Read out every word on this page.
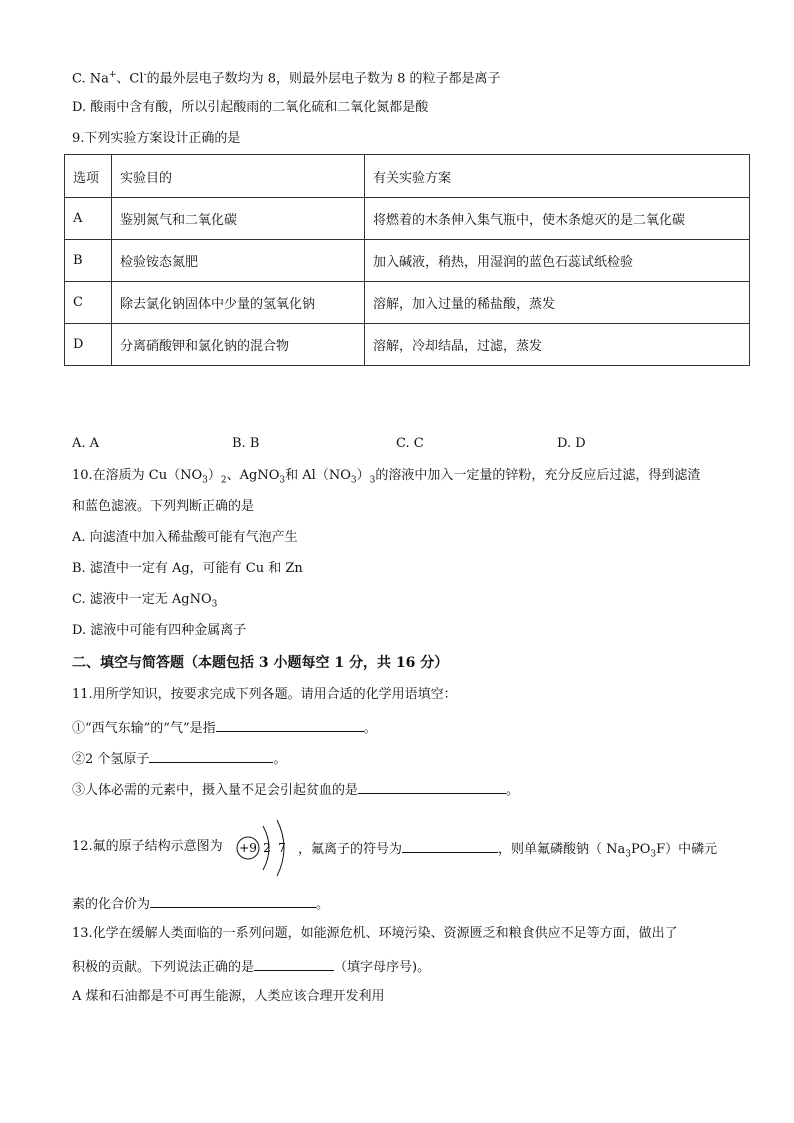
C. Na+、Cl-的最外层电子数均为 8，则最外层电子数为 8 的粒子都是离子
D. 酸雨中含有酸，所以引起酸雨的二氧化硫和二氧化氮都是酸
9.下列实验方案设计正确的是
选项	实验目的	有关实验方案
A	鉴别氮气和二氧化碳	将燃着的木条伸入集气瓶中，使木条熄灭的是二氧化碳
B	检验铵态氮肥	加入碱液，稍热，用湿润的蓝色石蕊试纸检验
C	除去氯化钠固体中少量的氢氧化钠	溶解，加入过量的稀盐酸，蒸发
D	分离硝酸钾和氯化钠的混合物	溶解，冷却结晶，过滤，蒸发
A. A	B. B	C. C	D. D
10.在溶质为 $Cu(NO_3)_2$、AgNO$_3$和 $Al(NO_3)_3$的溶液中加入一定量的锌粉，充分反应后过滤，得到滤渣
和蓝色滤液。下列判断正确的是
A. 向滤渣中加入稀盐酸可能有气泡产生
B. 滤渣中一定有 Ag，可能有 Cu 和 Zn
C. 滤液中一定无 AgNO$_3$
D. 滤液中可能有四种金属离子
二、填空与简答题（本题包括 3 小题每空 1 分，共 16 分）
11.用所学知识，按要求完成下列各题。请用合适的化学用语填空：
①“西气东输”的“气”是指	。
②2 个氢原子	。
③人体必需的元素中，摄入量不足会引起贫血的是	。
12.氟的原子结构示意图为 +9 2 7 ，氟离子的符号为	，则单氟磷酸钠（ $Na_3PO_3F$）中磷元
素的化合价为	。
13.化学在缓解人类面临的一系列问题，如能源危机、环境污染、资源匮乏和粮食供应不足等方面，做出了
积极的贡献。下列说法正确的是	（填字母序号)。
A 煤和石油都是不可再生能源，人类应该合理开发利用
